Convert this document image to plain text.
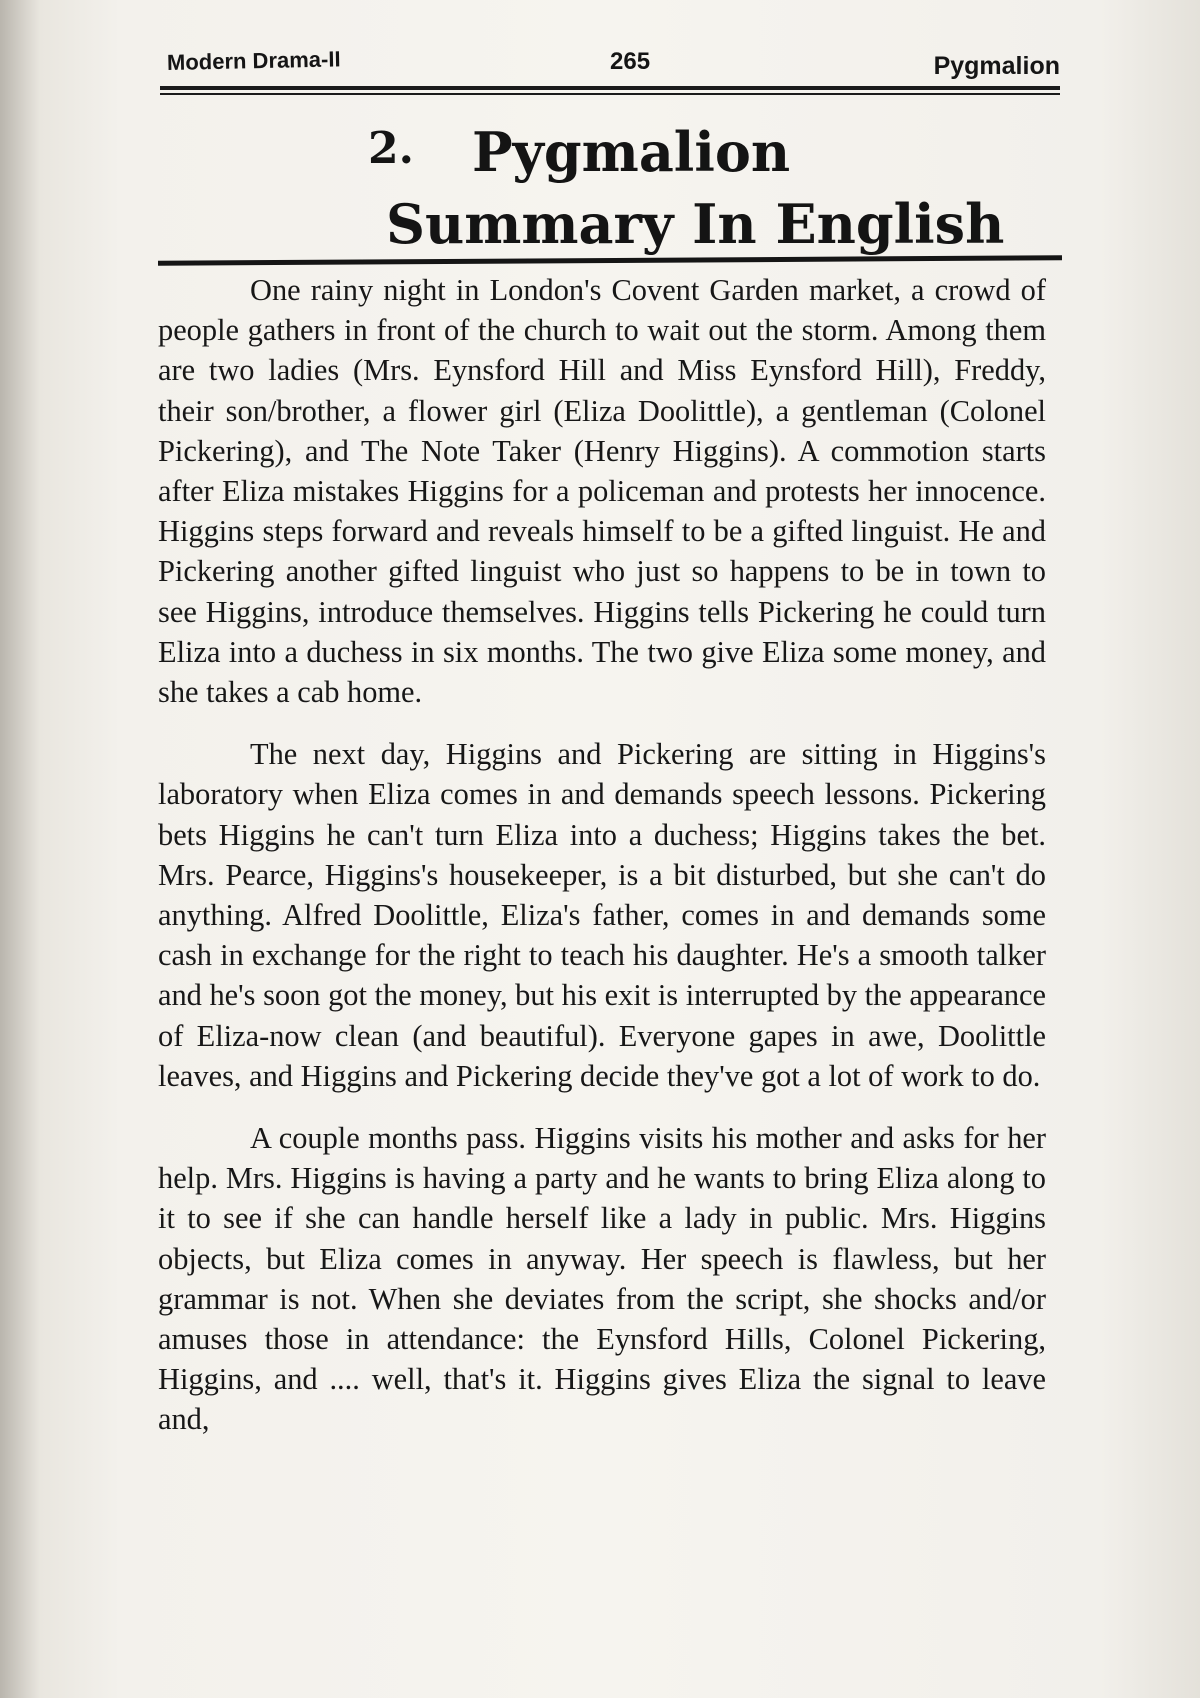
Modern Drama-II	265	Pygmalion
2. Pygmalion
Summary In English

One rainy night in London's Covent Garden market, a crowd of people gathers in front of the church to wait out the storm. Among them are two ladies (Mrs. Eynsford Hill and Miss Eynsford Hill), Freddy, their son/brother, a flower girl (Eliza Doolittle), a gentleman (Colonel Pickering), and The Note Taker (Henry Higgins). A commotion starts after Eliza mistakes Higgins for a policeman and protests her innocence. Higgins steps forward and reveals himself to be a gifted linguist. He and Pickering another gifted linguist who just so happens to be in town to see Higgins, introduce themselves. Higgins tells Pickering he could turn Eliza into a duchess in six months. The two give Eliza some money, and she takes a cab home.

The next day, Higgins and Pickering are sitting in Higgins's laboratory when Eliza comes in and demands speech lessons. Pickering bets Higgins he can't turn Eliza into a duchess; Higgins takes the bet. Mrs. Pearce, Higgins's housekeeper, is a bit disturbed, but she can't do anything. Alfred Doolittle, Eliza's father, comes in and demands some cash in exchange for the right to teach his daughter. He's a smooth talker and he's soon got the money, but his exit is interrupted by the appearance of Eliza-now clean (and beautiful). Everyone gapes in awe, Doolittle leaves, and Higgins and Pickering decide they've got a lot of work to do.

A couple months pass. Higgins visits his mother and asks for her help. Mrs. Higgins is having a party and he wants to bring Eliza along to it to see if she can handle herself like a lady in public. Mrs. Higgins objects, but Eliza comes in anyway. Her speech is flawless, but her grammar is not. When she deviates from the script, she shocks and/or amuses those in attendance: the Eynsford Hills, Colonel Pickering, Higgins, and .... well, that's it. Higgins gives Eliza the signal to leave and,
